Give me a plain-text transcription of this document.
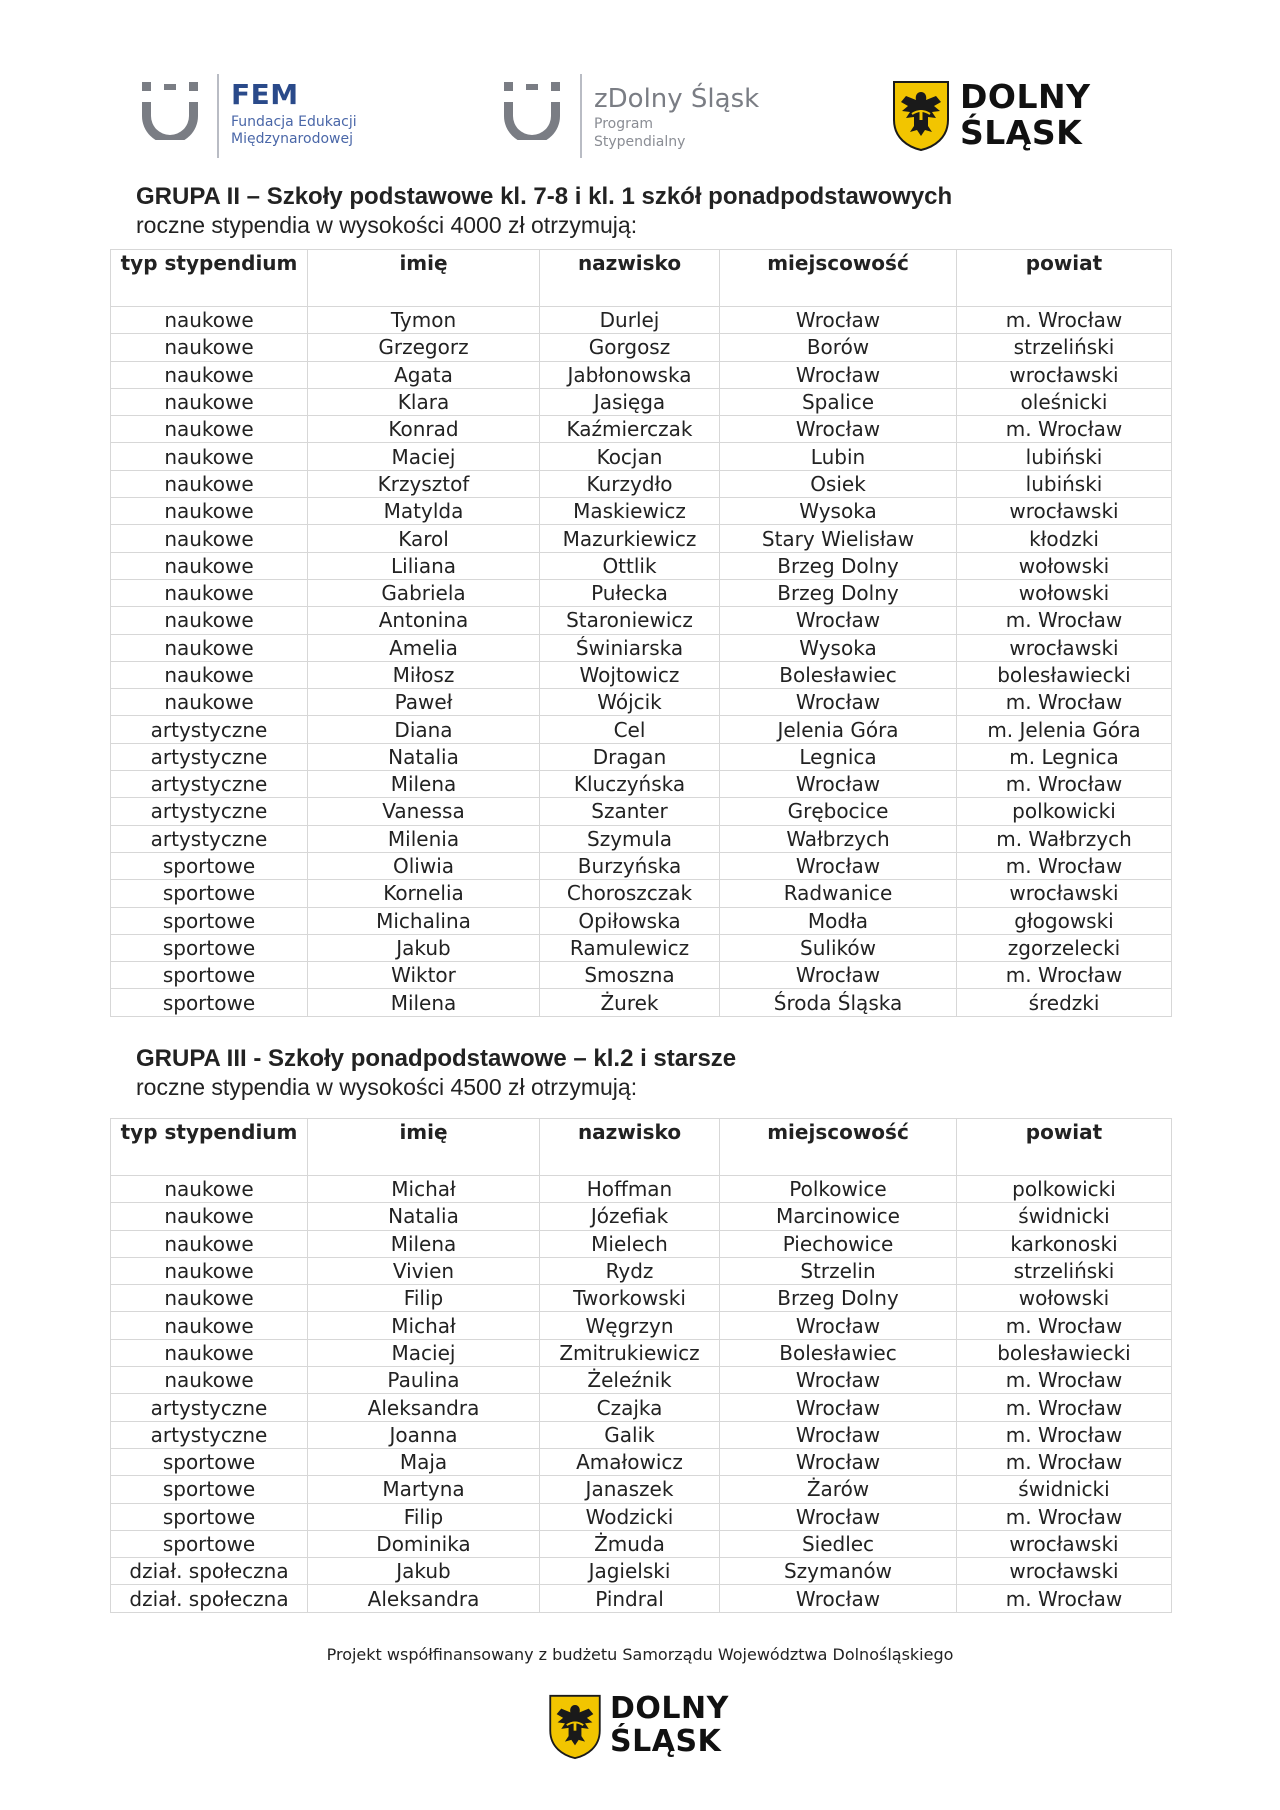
FEM
Fundacja Edukacji
Międzynarodowej
zDolny Śląsk
Program
Stypendialny
DOLNY
ŚLĄSK
GRUPA II – Szkoły podstawowe kl. 7-8 i kl. 1 szkół ponadpodstawowych
roczne stypendia w wysokości 4000 zł otrzymują:
typ stypendium	imię	nazwisko	miejscowość	powiat
naukowe	Tymon	Durlej	Wrocław	m. Wrocław
naukowe	Grzegorz	Gorgosz	Borów	strzeliński
naukowe	Agata	Jabłonowska	Wrocław	wrocławski
naukowe	Klara	Jasięga	Spalice	oleśnicki
naukowe	Konrad	Kaźmierczak	Wrocław	m. Wrocław
naukowe	Maciej	Kocjan	Lubin	lubiński
naukowe	Krzysztof	Kurzydło	Osiek	lubiński
naukowe	Matylda	Maskiewicz	Wysoka	wrocławski
naukowe	Karol	Mazurkiewicz	Stary Wielisław	kłodzki
naukowe	Liliana	Ottlik	Brzeg Dolny	wołowski
naukowe	Gabriela	Pułecka	Brzeg Dolny	wołowski
naukowe	Antonina	Staroniewicz	Wrocław	m. Wrocław
naukowe	Amelia	Świniarska	Wysoka	wrocławski
naukowe	Miłosz	Wojtowicz	Bolesławiec	bolesławiecki
naukowe	Paweł	Wójcik	Wrocław	m. Wrocław
artystyczne	Diana	Cel	Jelenia Góra	m. Jelenia Góra
artystyczne	Natalia	Dragan	Legnica	m. Legnica
artystyczne	Milena	Kluczyńska	Wrocław	m. Wrocław
artystyczne	Vanessa	Szanter	Grębocice	polkowicki
artystyczne	Milenia	Szymula	Wałbrzych	m. Wałbrzych
sportowe	Oliwia	Burzyńska	Wrocław	m. Wrocław
sportowe	Kornelia	Choroszczak	Radwanice	wrocławski
sportowe	Michalina	Opiłowska	Modła	głogowski
sportowe	Jakub	Ramulewicz	Sulików	zgorzelecki
sportowe	Wiktor	Smoszna	Wrocław	m. Wrocław
sportowe	Milena	Żurek	Środa Śląska	średzki
GRUPA III - Szkoły ponadpodstawowe – kl.2 i starsze
roczne stypendia w wysokości 4500 zł otrzymują:
typ stypendium	imię	nazwisko	miejscowość	powiat
naukowe	Michał	Hoffman	Polkowice	polkowicki
naukowe	Natalia	Józefiak	Marcinowice	świdnicki
naukowe	Milena	Mielech	Piechowice	karkonoski
naukowe	Vivien	Rydz	Strzelin	strzeliński
naukowe	Filip	Tworkowski	Brzeg Dolny	wołowski
naukowe	Michał	Węgrzyn	Wrocław	m. Wrocław
naukowe	Maciej	Zmitrukiewicz	Bolesławiec	bolesławiecki
naukowe	Paulina	Żeleźnik	Wrocław	m. Wrocław
artystyczne	Aleksandra	Czajka	Wrocław	m. Wrocław
artystyczne	Joanna	Galik	Wrocław	m. Wrocław
sportowe	Maja	Amałowicz	Wrocław	m. Wrocław
sportowe	Martyna	Janaszek	Żarów	świdnicki
sportowe	Filip	Wodzicki	Wrocław	m. Wrocław
sportowe	Dominika	Żmuda	Siedlec	wrocławski
dział. społeczna	Jakub	Jagielski	Szymanów	wrocławski
dział. społeczna	Aleksandra	Pindral	Wrocław	m. Wrocław
Projekt współfinansowany z budżetu Samorządu Województwa Dolnośląskiego
DOLNY
ŚLĄSK
